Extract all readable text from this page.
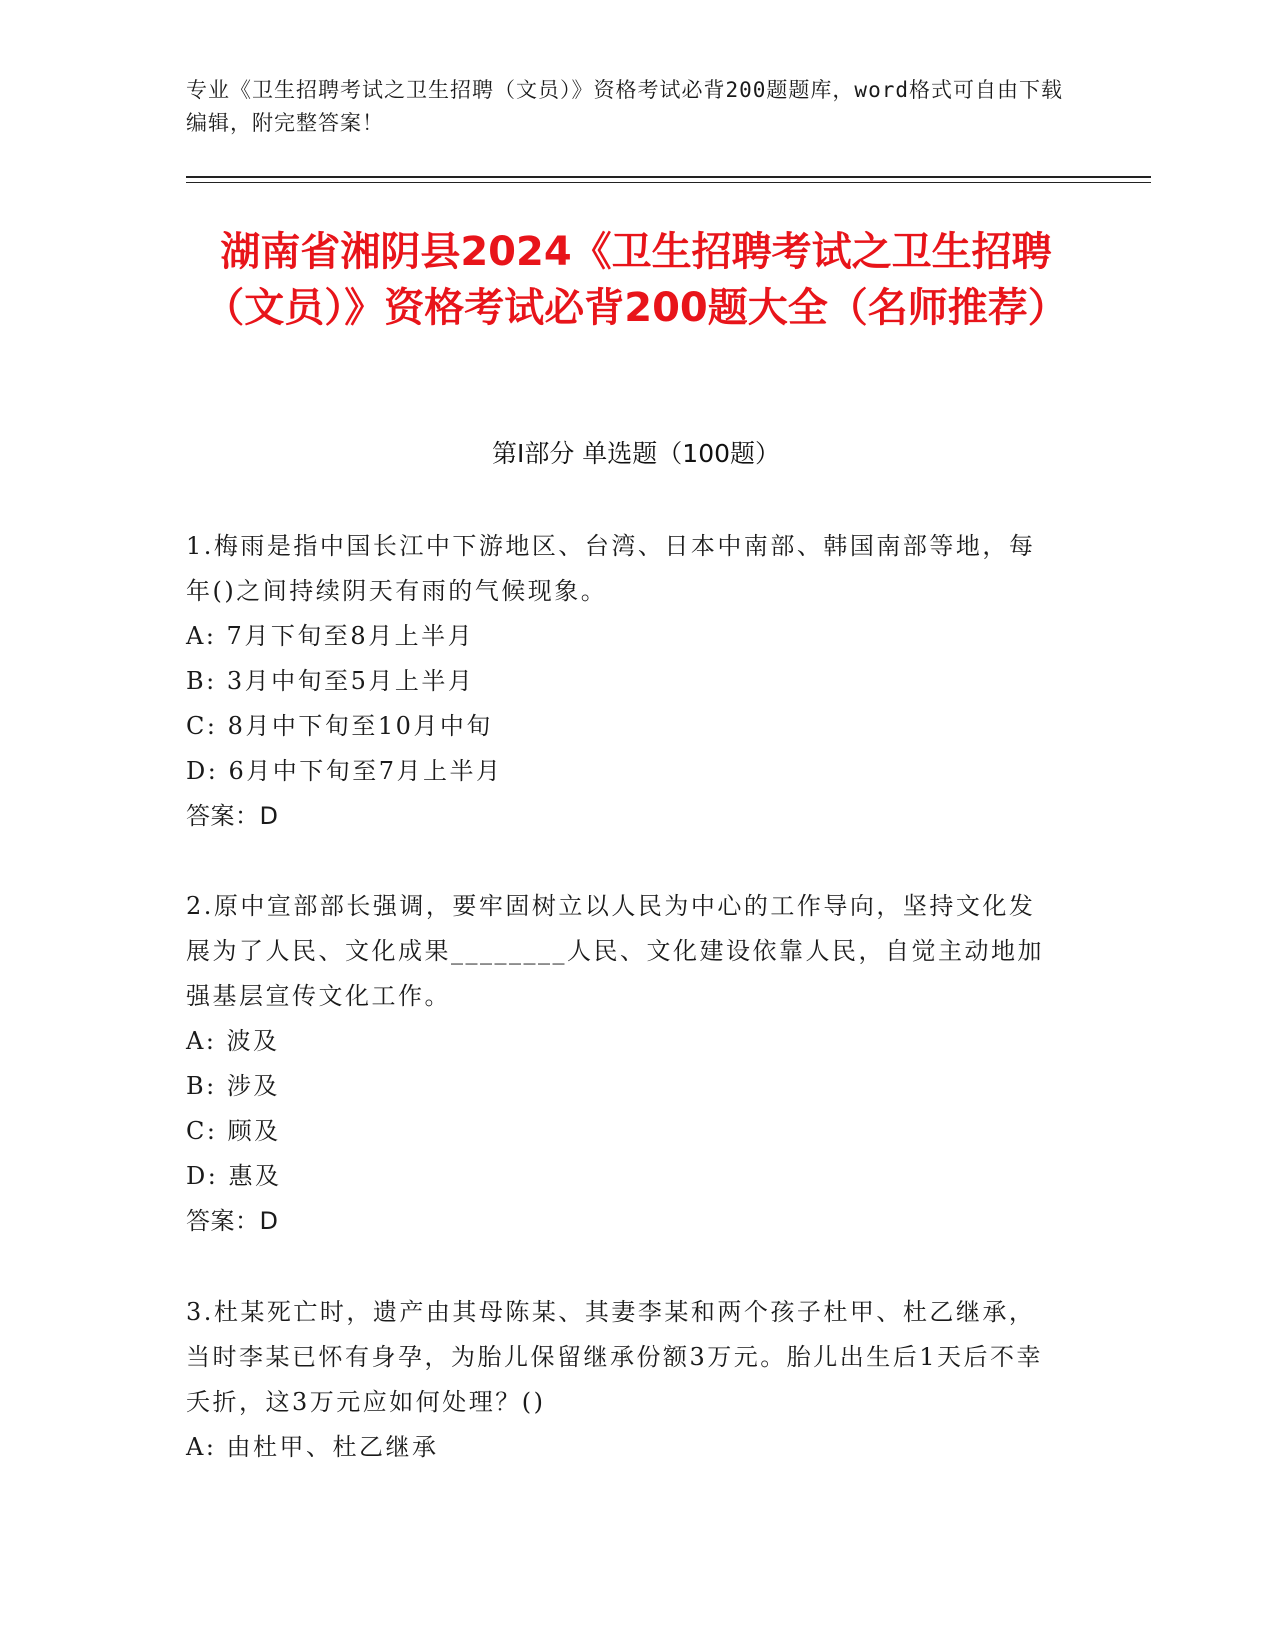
专业《卫生招聘考试之卫生招聘（文员）》资格考试必背200题题库，word格式可自由下载编辑，附完整答案！
湖南省湘阴县2024《卫生招聘考试之卫生招聘（文员）》资格考试必背200题大全（名师推荐）
第Ⅰ部分 单选题（100题）
1.梅雨是指中国长江中下游地区、台湾、日本中南部、韩国南部等地，每年()之间持续阴天有雨的气候现象。
A: 7月下旬至8月上半月
B: 3月中旬至5月上半月
C: 8月中下旬至10月中旬
D: 6月中下旬至7月上半月
答案：D
2.原中宣部部长强调，要牢固树立以人民为中心的工作导向，坚持文化发展为了人民、文化成果________人民、文化建设依靠人民，自觉主动地加强基层宣传文化工作。
A: 波及
B: 涉及
C: 顾及
D: 惠及
答案：D
3.杜某死亡时，遗产由其母陈某、其妻李某和两个孩子杜甲、杜乙继承，当时李某已怀有身孕，为胎儿保留继承份额3万元。胎儿出生后1天后不幸夭折，这3万元应如何处理？()
A: 由杜甲、杜乙继承
